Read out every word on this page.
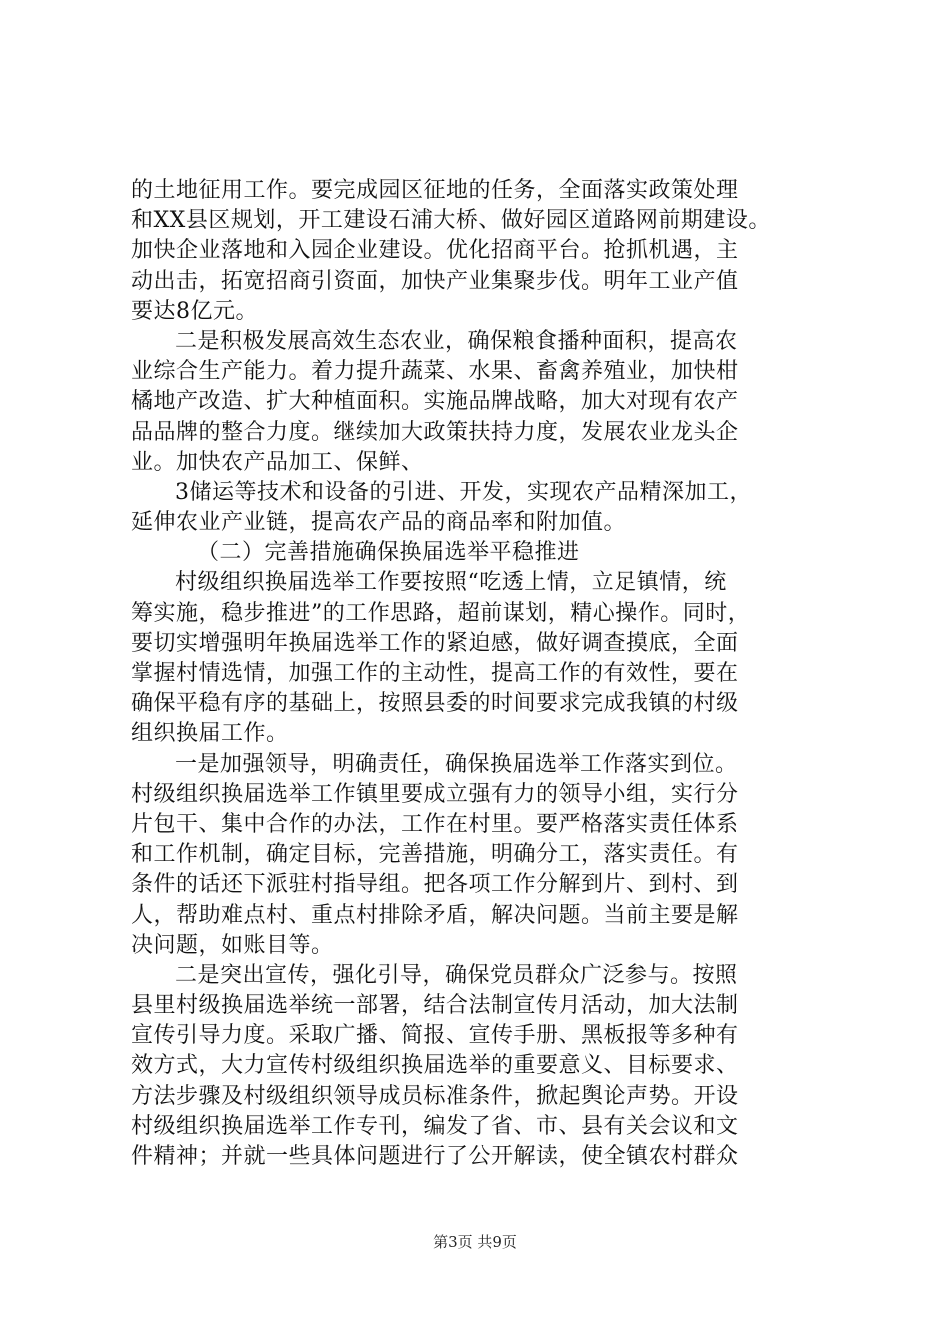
的土地征用工作。要完成园区征地的任务，全面落实政策处理
和XX县区规划，开工建设石浦大桥、做好园区道路网前期建设。
加快企业落地和入园企业建设。优化招商平台。抢抓机遇，主
动出击，拓宽招商引资面，加快产业集聚步伐。明年工业产值
要达8亿元。
二是积极发展高效生态农业，确保粮食播种面积，提高农
业综合生产能力。着力提升蔬菜、水果、畜禽养殖业，加快柑
橘地产改造、扩大种植面积。实施品牌战略，加大对现有农产
品品牌的整合力度。继续加大政策扶持力度，发展农业龙头企
业。加快农产品加工、保鲜、
3储运等技术和设备的引进、开发，实现农产品精深加工，
延伸农业产业链，提高农产品的商品率和附加值。
（二）完善措施确保换届选举平稳推进
村级组织换届选举工作要按照“吃透上情，立足镇情，统
筹实施，稳步推进”的工作思路，超前谋划，精心操作。同时，
要切实增强明年换届选举工作的紧迫感，做好调查摸底，全面
掌握村情选情，加强工作的主动性，提高工作的有效性，要在
确保平稳有序的基础上，按照县委的时间要求完成我镇的村级
组织换届工作。
一是加强领导，明确责任，确保换届选举工作落实到位。
村级组织换届选举工作镇里要成立强有力的领导小组，实行分
片包干、集中合作的办法，工作在村里。要严格落实责任体系
和工作机制，确定目标，完善措施，明确分工，落实责任。有
条件的话还下派驻村指导组。把各项工作分解到片、到村、到
人，帮助难点村、重点村排除矛盾，解决问题。当前主要是解
决问题，如账目等。
二是突出宣传，强化引导，确保党员群众广泛参与。按照
县里村级换届选举统一部署，结合法制宣传月活动，加大法制
宣传引导力度。采取广播、简报、宣传手册、黑板报等多种有
效方式，大力宣传村级组织换届选举的重要意义、目标要求、
方法步骤及村级组织领导成员标准条件，掀起舆论声势。开设
村级组织换届选举工作专刊，编发了省、市、县有关会议和文
件精神；并就一些具体问题进行了公开解读，使全镇农村群众
第3页 共9页
